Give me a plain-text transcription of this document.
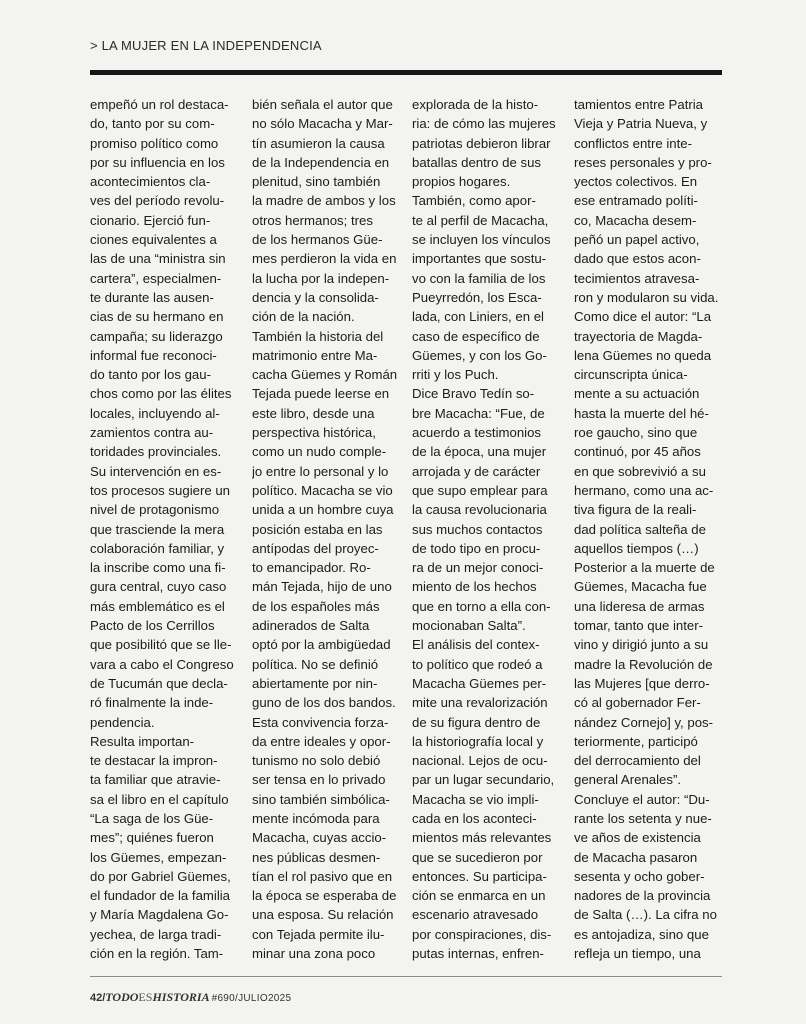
> LA MUJER EN LA INDEPENDENCIA
empeñó un rol destaca-
do, tanto por su com-
promiso político como
por su influencia en los
acontecimientos cla-
ves del período revolu-
cionario. Ejerció fun-
ciones equivalentes a
las de una “ministra sin
cartera”, especialmen-
te durante las ausen-
cias de su hermano en
campaña; su liderazgo
informal fue reconoci-
do tanto por los gau-
chos como por las élites
locales, incluyendo al-
zamientos contra au-
toridades provinciales.
Su intervención en es-
tos procesos sugiere un
nivel de protagonismo
que trasciende la mera
colaboración familiar, y
la inscribe como una fi-
gura central, cuyo caso
más emblemático es el
Pacto de los Cerrillos
que posibilitó que se lle-
vara a cabo el Congreso
de Tucumán que decla-
ró finalmente la inde-
pendencia.
Resulta importan-
te destacar la impron-
ta familiar que atravie-
sa el libro en el capítulo
“La saga de los Güe-
mes”; quiénes fueron
los Güemes, empezan-
do por Gabriel Güemes,
el fundador de la familia
y María Magdalena Go-
yechea, de larga tradi-
ción en la región. Tam-
bién señala el autor que
no sólo Macacha y Mar-
tín asumieron la causa
de la Independencia en
plenitud, sino también
la madre de ambos y los
otros hermanos; tres
de los hermanos Güe-
mes perdieron la vida en
la lucha por la indepen-
dencia y la consolida-
ción de la nación.
También la historia del
matrimonio entre Ma-
cacha Güemes y Román
Tejada puede leerse en
este libro, desde una
perspectiva histórica,
como un nudo comple-
jo entre lo personal y lo
político. Macacha se vio
unida a un hombre cuya
posición estaba en las
antípodas del proyec-
to emancipador. Ro-
mán Tejada, hijo de uno
de los españoles más
adinerados de Salta
optó por la ambigüedad
política. No se definió
abiertamente por nin-
guno de los dos bandos.
Esta convivencia forza-
da entre ideales y opor-
tunismo no solo debió
ser tensa en lo privado
sino también simbólica-
mente incómoda para
Macacha, cuyas accio-
nes públicas desmen-
tían el rol pasivo que en
la época se esperaba de
una esposa. Su relación
con Tejada permite ilu-
minar una zona poco
explorada de la histo-
ria: de cómo las mujeres
patriotas debieron librar
batallas dentro de sus
propios hogares.
También, como apor-
te al perfil de Macacha,
se incluyen los vínculos
importantes que sostu-
vo con la familia de los
Pueyrredón, los Esca-
lada, con Liniers, en el
caso de específico de
Güemes, y con los Go-
rriti y los Puch.
Dice Bravo Tedín so-
bre Macacha: “Fue, de
acuerdo a testimonios
de la época, una mujer
arrojada y de carácter
que supo emplear para
la causa revolucionaria
sus muchos contactos
de todo tipo en procu-
ra de un mejor conoci-
miento de los hechos
que en torno a ella con-
mocionaban Salta”.
El análisis del contex-
to político que rodeó a
Macacha Güemes per-
mite una revalorización
de su figura dentro de
la historiografía local y
nacional. Lejos de ocu-
par un lugar secundario,
Macacha se vio impli-
cada en los aconteci-
mientos más relevantes
que se sucedieron por
entonces. Su participa-
ción se enmarca en un
escenario atravesado
por conspiraciones, dis-
putas internas, enfren-
tamientos entre Patria
Vieja y Patria Nueva, y
conflictos entre inte-
reses personales y pro-
yectos colectivos. En
ese entramado políti-
co, Macacha desem-
peñó un papel activo,
dado que estos acon-
tecimientos atravesa-
ron y modularon su vida.
Como dice el autor: “La
trayectoria de Magda-
lena Güemes no queda
circunscripta única-
mente a su actuación
hasta la muerte del hé-
roe gaucho, sino que
continuó, por 45 años
en que sobrevivió a su
hermano, como una ac-
tiva figura de la reali-
dad política salteña de
aquellos tiempos (…)
Posterior a la muerte de
Güemes, Macacha fue
una lideresa de armas
tomar, tanto que inter-
vino y dirigió junto a su
madre la Revolución de
las Mujeres [que derro-
có al gobernador Fer-
nández Cornejo] y, pos-
teriormente, participó
del derrocamiento del
general Arenales”.
Concluye el autor: “Du-
rante los setenta y nue-
ve años de existencia
de Macacha pasaron
sesenta y ocho gober-
nadores de la provincia
de Salta (…). La cifra no
es antojadiza, sino que
refleja un tiempo, una
42/TODOESHISTORIA #690/JULIO2025
